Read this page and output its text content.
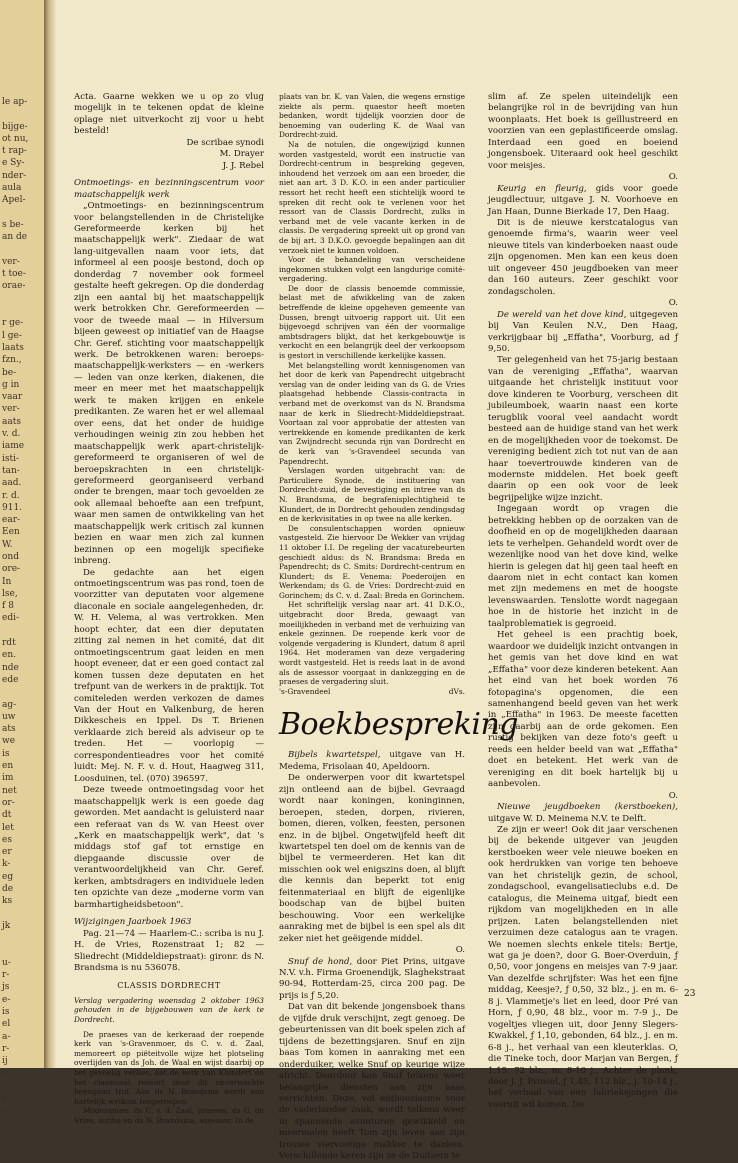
le ap-

bijge-
ot nu,
t rap-
e Sy-
nder-
aula
Apel-

s be-
an de

ver-
t toe-
orae-

r ge-
l ge-
laats
fzn.,
be-
g in
vaar
ver-
aats
v. d.
iame
isti-
tan-
aad.
r. d.
911.
ear-
Een
W.
ond
ore-
In
lse,
f 8
edi-

rdt
en.
nde
ede

ag-
uw
ats
we
is
en
im
net
or-
dt
let
es
er
k-
eg
de
ks

jk

u-
r-
js
e-
is
el
a-
r-
ij
n
e
s-
ls

Acta. Gaarne wekken we u op zo vlug mogelijk in te tekenen opdat de kleine oplage niet uitverkocht zij voor u hebt besteld!

De scribae synodi

M. Drayer

J. J. Rebel

Ontmoetings- en bezinningscentrum voor maatschappelijk werk

„Ontmoetings- en bezinningscentrum voor belangstellenden in de Christelijke Gereformeerde kerken bij het maatschappelijk werk". Ziedaar de wat lang-uitgevallen naam voor iets, dat informeel al een poosje bestond, doch op donderdag 7 november ook formeel gestalte heeft gekregen. Op die donderdag zijn een aantal bij het maatschappelijk werk betrokken Chr. Gereformeerden — voor de tweede maal — in Hilversum bijeen geweest op initiatief van de Haagse Chr. Geref. stichting voor maatschappelijk werk. De betrokkenen waren: beroeps-maatschappelijk-werksters — en -werkers — leden van onze kerken, diakenen, die meer en meer met het maatschappelijk werk te maken krijgen en enkele predikanten. Ze waren het er wel allemaal over eens, dat het onder de huidige verhoudingen weinig zin zou hebben het maatschappelijk werk apart-christelijk-gereformeerd te organiseren of wel de beroepskrachten in een christelijk-gereformeerd georganiseerd verband onder te brengen, maar toch gevoelden ze ook allemaal behoefte aan een trefpunt, waar men samen de ontwikkeling van het maatschappelijk werk critisch zal kunnen bezien en waar men zich zal kunnen bezinnen op een mogelijk specifieke inbreng.

De gedachte aan het eigen ontmoetingscentrum was pas rond, toen de voorzitter van deputaten voor algemene diaconale en sociale aangelegenheden, dr. W. H. Velema, al was vertrokken. Men hoopt echter, dat een dier deputaten zitting zal nemen in het comité, dat dit ontmoetingscentrum gaat leiden en men hoopt eveneer, dat er een goed contact zal komen tussen deze deputaten en het trefpunt van de werkers in de praktijk. Tot comiteleden werden verkozen de dames Van der Hout en Valkenburg, de heren Dikkescheis en Ippel. Ds T. Brienen verklaarde zich bereid als adviseur op te treden. Het — voorlopig — correspondentieadres voor het comité luidt: Mej. N. F. v. d. Hout, Haagweg 311, Loosduinen, tel. (070) 396597.

Deze tweede ontmoetingsdag voor het maatschappelijk werk is een goede dag geworden. Met aandacht is geluisterd naar een referaat van ds W. van Heest over „Kerk en maatschappelijk werk", dat 's middags stof gaf tot ernstige en diepgaande discussie over de verantwoordelijkheid van Chr. Geref. kerken, ambtsdragers en individuele leden ten opzichte van deze „moderne vorm van barmhartigheidsbetoon".

Wijzigingen Jaarboek 1963

Pag. 21—74 — Haarlem-C.: scriba is nu J. H. de Vries, Rozenstraat 1; 82 — Sliedrecht (Middeldiepstraat): gironr. ds N. Brandsma is nu 536078.

CLASSIS DORDRECHT

Verslag vergadering woensdag 2 oktober 1963 gehouden in de bijgebouwen van de kerk te Dordrecht.

De praeses van de kerkeraad der roepende kerk van 's-Gravenmoer, ds C. v. d. Zaal, memoreert op piëteitvolle wijze het plotseling overlijden van ds Joh. de Waal en wijst daarbij op het gevoelig verlies, dat de kerk van Klundert en het classicaal ressort door dit onverwachte heengaan trof. Aan ds N. Brandsma wordt een hartelijk welkom toegeroepen.

Moderamen: ds C. v. d. Zaal, praeses; ds G. de Vries, scriba en ds N. Brandsma, assessor. In de

plaats van br. K. van Valen, die wegens ernstige ziekte als perm. quaestor heeft moeten bedanken, wordt tijdelijk voorzien door de benoeming van ouderling K. de Waal van Dordrecht-zuid.

Na de notulen, die ongewijzigd kunnen worden vastgesteld, wordt een instructie van Dordrecht-centrum in bespreking gegeven, inhoudend het verzoek om aan een broeder, die niet aan art. 3 D. K.O. in een ander particulier ressort het recht heeft een stichtelijk woord te spreken dit recht ook te verlenen voor het ressort van de Classis Dordrecht, zulks in verband met de vele vacante kerken in de classis. De vergadering spreekt uit op grond van de bij art. 3 D.K.O. gevoegde bepalingen aan dit verzoek niet te kunnen voldoen.

Voor de behandeling van verscheidene ingekomen stukken volgt een langdurige comité-vergadering.

De door de classis benoemde commissie, belast met de afwikkeling van de zaken betreffende de kleine opgeheven gemeente van Dussen, brengt uitvoerig rapport uit. Uit een bijgevoegd schrijven van één der voormalige ambtsdragers blijkt, dat het kerkgebouwtje is verkocht en een belangrijk deel der verkoopsom is gestort in verschillende kerkelijke kassen.

Met belangstelling wordt kennisgenomen van het door de kerk van Papendrecht uitgebracht verslag van de onder leiding van ds G. de Vries plaatsgehad hebbende Classis-contracta in verband met de overkomst van ds N. Brandsma naar de kerk in Sliedrecht-Middeldiepstraat. Voortaan zal voor approbatie der attesten van vertrekkende en komende predikanten de kerk van Zwijndrecht secunda rijn van Dordrecht en de kerk van 's-Gravendeel secunda van Papendrecht.

Verslagen worden uitgebracht van: de Particuliere Synode, de instituering van Dordrecht-zuid, de bevestiging en intree van ds N. Brandsma, de begrafenisplechtigheid te Klundert, de in Dordrecht gehouden zendingsdag en de kerkvisitaties in op twee na alle kerken.

De consulentschappen worden opnieuw vastgesteld. Zie hiervoor De Wekker van vrijdag 11 oktober I.I. De regeling der vacaturebeurten geschiedt aldus: ds N. Brandsma: Breda en Papendrecht; ds C. Smits: Dordrecht-centrum en Klundert; ds E. Venema: Poederoijen en Werkendam; ds G. de Vries: Dordrecht-zuid en Gorinchem; ds C. v. d. Zaal: Breda en Gorinchem.

Het schriftelijk verslag naar art. 41 D.K.O., uitgebracht door Breda, gewaagt van moeilijkheden in verband met de verhuizing van enkele gezinnen. De roepende kerk voor de volgende vergadering is Klundert, datum 8 april 1964. Het moderamen van deze vergadering wordt vastgesteld. Het is reeds laat in de avond als de assessor voorgaat in dankzegging en de praeses de vergadering sluit.

's-Gravendeel	dVs.

Boekbespreking

Bijbels kwartetspel, uitgave van H. Medema, Frisolaan 40, Apeldoorn.

De onderwerpen voor dit kwartetspel zijn ontleend aan de bijbel. Gevraagd wordt naar koningen, koninginnen, beroepen, steden, dorpen, rivieren, bomen, dieren, volken, feesten, personen enz. in de bijbel. Ongetwijfeld heeft dit kwartetspel ten doel om de kennis van de bijbel te vermeerderen. Het kan dit misschien ook wel enigszins doen, al blijft die kennis dan beperkt tot enig feitenmateriaal en blijft de eigenlijke boodschap van de bijbel buiten beschouwing. Voor een werkelijke aanraking met de bijbel is een spel als dit zeker niet het geëigende middel.

O.

Snuf de hond, door Piet Prins, uitgave N.V. v.h. Firma Groenendijk, Slaghekstraat 90-94, Rotterdam-25, circa 200 pag. De prijs is ƒ 5,20.

Dat van dit bekende jongensboek thans de vijfde druk verschijnt, zegt genoeg. De gebeurtenissen van dit boek spelen zich af tijdens de bezettingsjaren. Snuf en zijn baas Tom komen in aanraking met een onderduiker, welke Snuf op keurige wijze africht. Daardoor kan Snuf telkens weer belangrijke diensten aan zijn baas verrichten. Deze, vol enthousiasme voor de vaderlandse zaak, wordt telkens weer in spannende avonturen gewikkeld en meermalen heeft Tom zijn leven aan zijn trouwe viervoetige makker te danken. Verschillende keren zijn ze de Duitsers te

slim af. Ze spelen uiteindelijk een belangrijke rol in de bevrijding van hun woonplaats. Het boek is geïllustreerd en voorzien van een geplastificeerde omslag. Interdaad een goed en boeiend jongensboek. Uiteraard ook heel geschikt voor meisjes.

O.

Keurig en fleurig, gids voor goede jeugdlectuur, uitgave J. N. Voorhoeve en Jan Haan, Dunne Bierkade 17, Den Haag.

Dit is de nieuwe kerstcatalogus van genoemde firma's, waarin weer veel nieuwe titels van kinderboeken naast oude zijn opgenomen. Men kan een keus doen uit ongeveer 450 jeugdboeken van meer dan 160 auteurs. Zeer geschikt voor zondagscholen.

O.

De wereld van het dove kind, uitgegeven bij Van Keulen N.V., Den Haag, verkrijgbaar bij „Effatha", Voorburg, ad ƒ 9,50.

Ter gelegenheid van het 75-jarig bestaan van de vereniging „Effatha", waarvan uitgaande het christelijk instituut voor dove kinderen te Voorburg, verscheen dit jubileumboek, waarin naast een korte terugblik vooral veel aandacht wordt besteed aan de huidige stand van het werk en de mogelijkheden voor de toekomst. De vereniging bedient zich tot nut van de aan haar toevertrouwde kinderen van de modernste middelen. Het boek geeft daarin op een ook voor de leek begrijpelijke wijze inzicht.

Ingegaan wordt op vragen die betrekking hebben op de oorzaken van de doofheid en op de mogelijkheden daaraan iets te verhelpen. Gehandeld wordt over de wezenlijke nood van het dove kind, welke hierin is gelegen dat hij geen taal heeft en daarom niet in echt contact kan komen met zijn medemens en met de hoogste levenswaarden. Tenslotte wordt nagegaan hoe in de historie het inzicht in de taalproblematiek is gegroeid.

Het geheel is een prachtig boek, waardoor we duidelijk inzicht ontvangen in het gemis van het dove kind en wat „Effatha" voor deze kinderen betekent. Aan het eind van het boek worden 76 fotopagina's opgenomen, die een samenhangend beeld geven van het werk in „Effatha" in 1963. De meeste facetten zijn daarbij aan de orde gekomen. Een rustig bekijken van deze foto's geeft u reeds een helder beeld van wat „Effatha" doet en betekent. Het werk van de vereniging en dit boek hartelijk bij u aanbevolen.

O.

Nieuwe jeugdboeken (kerstboeken), uitgave W. D. Meinema N.V. te Delft.

Ze zijn er weer! Ook dit jaar verschenen bij de bekende uitgever van jeugden kerstboeken weer vele nieuwe boeken en ook herdrukken van vorige ten behoeve van het christelijk gezin, de school, zondagschool, evangelisatieclubs e.d. De catalogus, die Meinema uitgaf, biedt een rijkdom van mogelijkheden en in alle prijzen. Laten belangstellenden niet verzuimen deze catalogus aan te vragen. We noemen slechts enkele titels: Bertje, wat ga je doen?, door G. Boer-Overduin, ƒ 0,50, voor jongens en meisjes van 7-9 jaar. Van dezelfde schrijfster: Was het een fijne middag, Keesje?, ƒ 0,50, 32 blz., j. en m. 6-8 j. Vlammetje's liet en leed, door Pré van Horn, ƒ 0,90, 48 blz., voor m. 7-9 j., De vogeltjes vliegen uit, door Jenny Slegers-Kwakkel, ƒ 1,10, gebonden, 64 blz., j. en m. 6-8 j., het verhaal van een kleuterklas. O, die Tineke toch, door Marjan van Bergen, ƒ 1,15. 72 blz., m. 8-10 j., Achter de plank, door J. J. Prinsel, ƒ 1,45, 112 blz., j. 10-14 j., het verhaal van een fabrieksjongen die vooruit wil komen. De

23
